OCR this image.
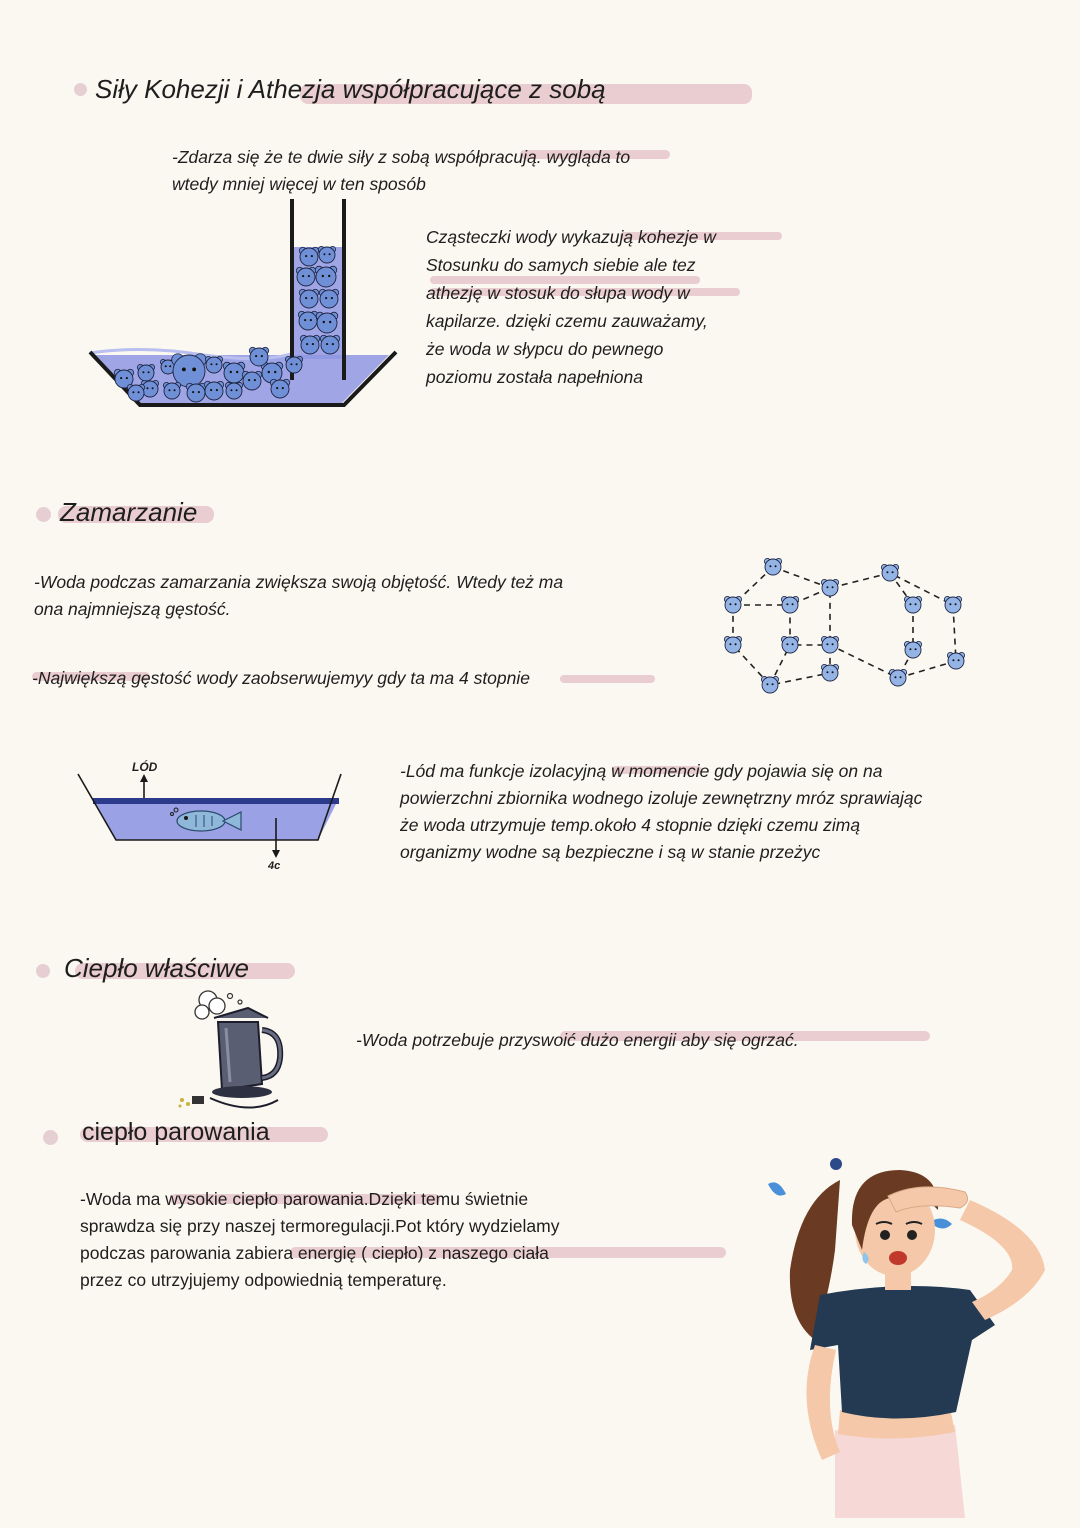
Siły Kohezji i Athezja współpracujące z sobą
-Zdarza się że te dwie siły z sobą współpracują. wygląda to
wtedy mniej więcej w ten sposób
Cząsteczki wody wykazują kohezje w
Stosunku do samych siebie ale tez
athezję w stosuk do słupa wody w
kapilarze. dzięki czemu zauważamy,
że woda w słypcu do pewnego
poziomu została napełniona
Zamarzanie
-Woda podczas zamarzania zwiększa swoją objętość. Wtedy też ma
ona najmniejszą gęstość.
-Największą gęstość wody zaobserwujemyy gdy ta ma 4 stopnie
LÓD
4c
-Lód ma funkcje izolacyjną w momencie gdy pojawia się on na
powierzchni zbiornika wodnego izoluje zewnętrzny mróz sprawiając
że woda utrzymuje temp.około 4 stopnie dzięki czemu zimą
organizmy wodne są bezpieczne i są w stanie przeżyc
Ciepło właściwe
-Woda potrzebuje przyswoić dużo energii aby się ogrzać.
ciepło parowania
-Woda ma wysokie ciepło parowania.Dzięki temu świetnie
sprawdza się przy naszej termoregulacji.Pot który wydzielamy
podczas parowania zabiera energię ( ciepło) z naszego ciała
przez co utrzyjujemy odpowiednią temperaturę.
